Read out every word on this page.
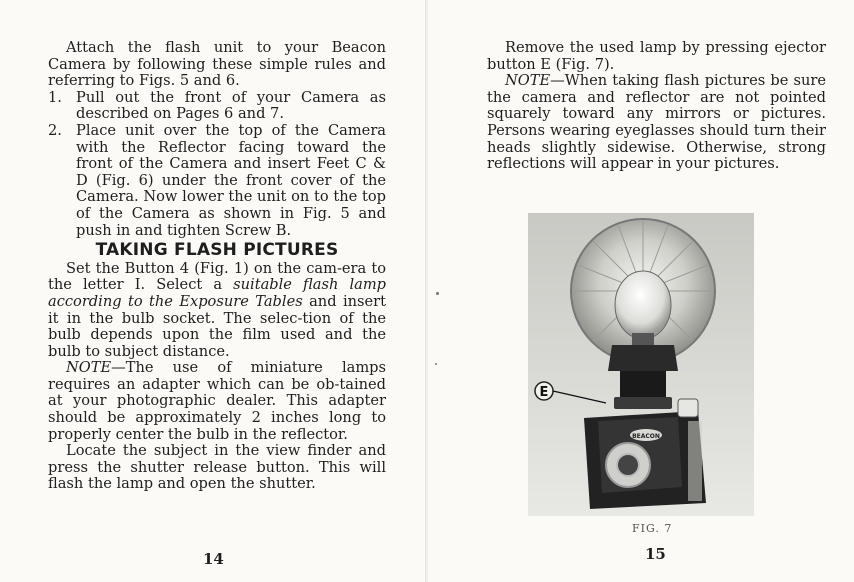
Attach the flash unit to your Beacon Camera by following these simple rules and referring to Figs. 5 and 6.

1. Pull out the front of your Camera as described on Pages 6 and 7.
2. Place unit over the top of the Camera with the Reflector facing toward the front of the Camera and insert Feet C & D (Fig. 6) under the front cover of the Camera. Now lower the unit on to the top of the Camera as shown in Fig. 5 and push in and tighten Screw B.
TAKING FLASH PICTURES

Set the Button 4 (Fig. 1) on the cam-era to the letter I. Select a suitable flash lamp according to the Exposure Tables and insert it in the bulb socket. The selec-tion of the bulb depends upon the film used and the bulb to subject distance.

NOTE—The use of miniature lamps requires an adapter which can be ob-tained at your photographic dealer. This adapter should be approximately 2 inches long to properly center the bulb in the reflector.

Locate the subject in the view finder and press the shutter release button. This will flash the lamp and open the shutter.

14

Remove the used lamp by pressing ejector button E (Fig. 7).

NOTE—When taking flash pictures be sure the camera and reflector are not pointed squarely toward any mirrors or pictures. Persons wearing eyeglasses should turn their heads slightly sidewise. Otherwise, strong reflections will appear in your pictures.

E
BEACON
FIG. 7
15
